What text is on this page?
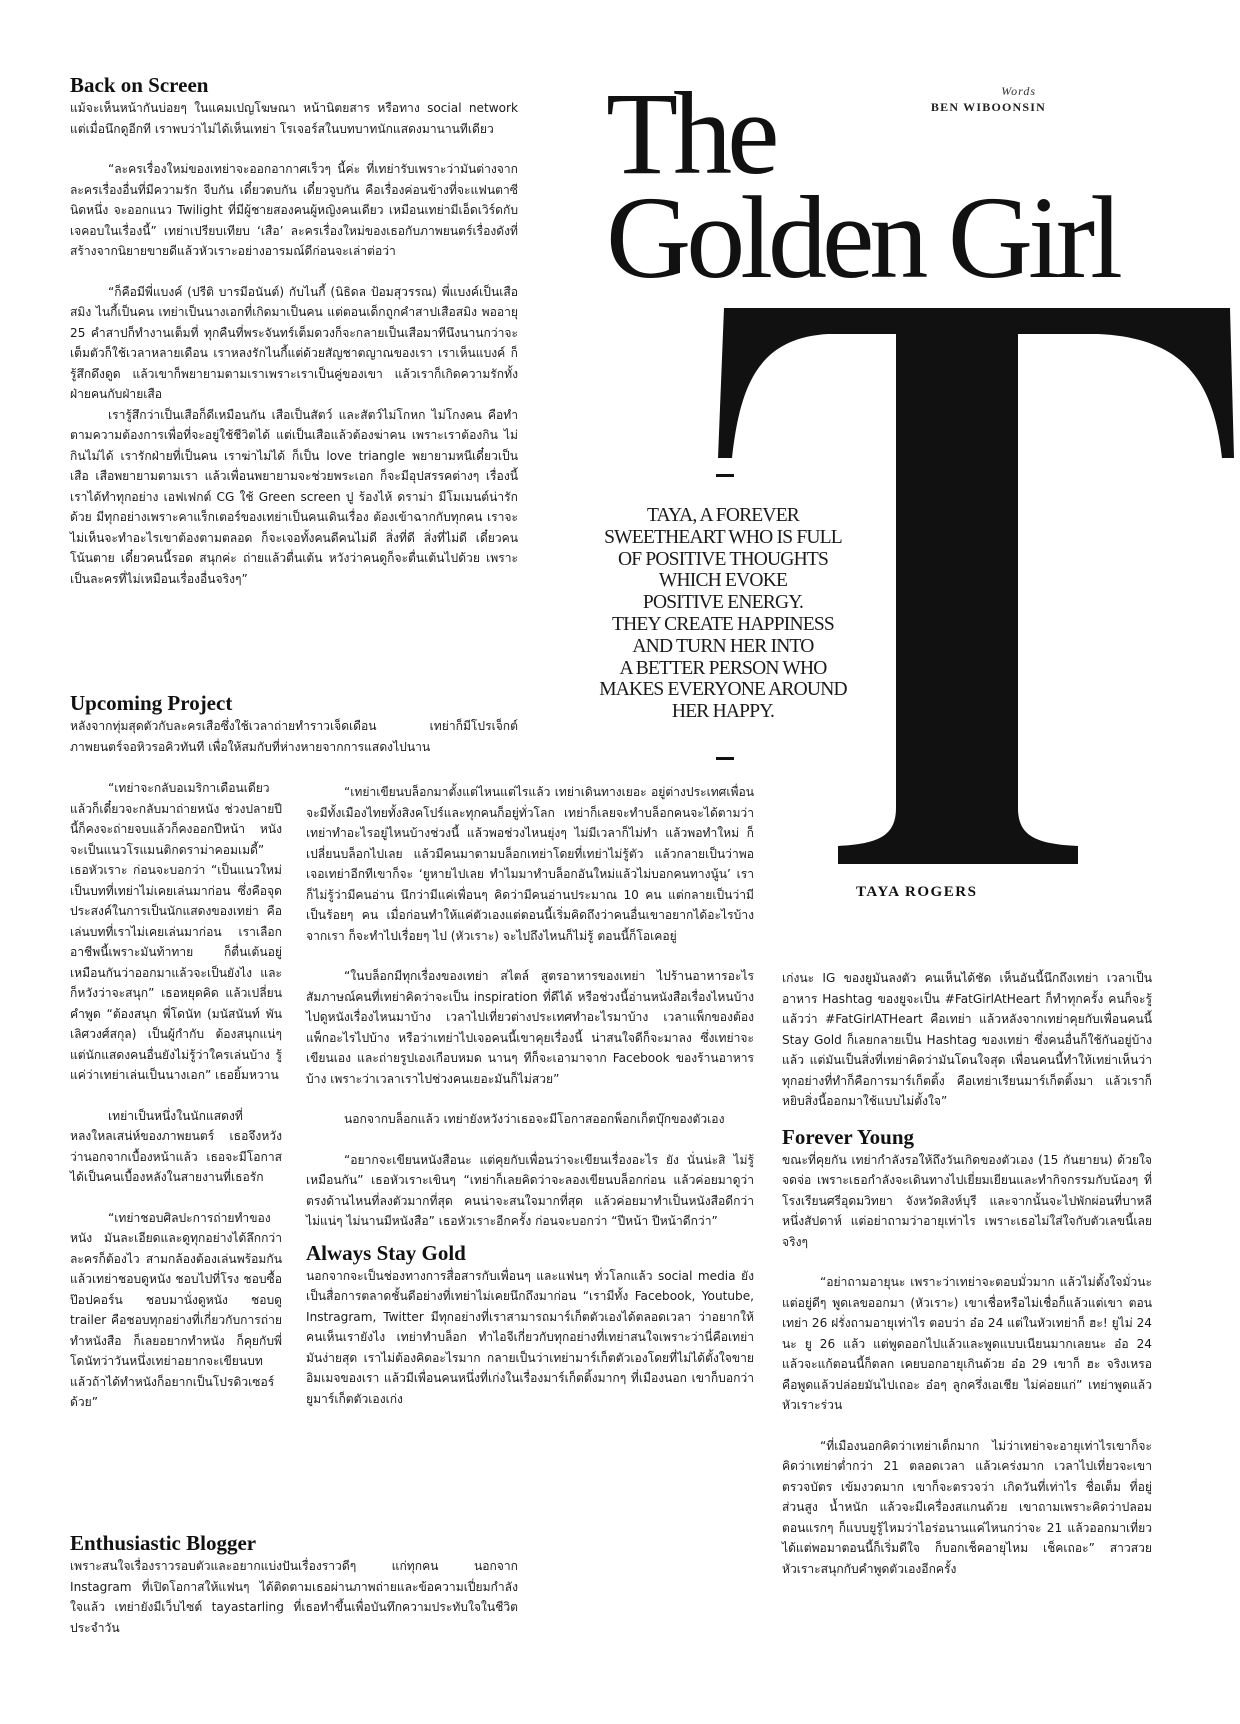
Words
BEN WIBOONSIN
The
Golden Girl
TAYA, A FOREVER
SWEETHEART WHO IS FULL
OF POSITIVE THOUGHTS
WHICH EVOKE
POSITIVE ENERGY.
THEY CREATE HAPPINESS
AND TURN HER INTO
A BETTER PERSON WHO
MAKES EVERYONE AROUND
HER HAPPY.
TAYA ROGERS
Back on Screen

แม้จะเห็นหน้ากันบ่อยๆ ในแคมเปญโฆษณา หน้านิตยสาร หรือทาง social network แต่เมื่อนึกดูอีกที เราพบว่าไม่ได้เห็นเทย่า โรเจอร์สในบทบาทนักแสดงมานานทีเดียว

“ละครเรื่องใหม่ของเทย่าจะออกอากาศเร็วๆ นี้ค่ะ ที่เทย่ารับเพราะว่ามันต่างจากละครเรื่องอื่นที่มีความรัก จีบกัน เดี๋ยวตบกัน เดี๋ยวจูบกัน คือเรื่องค่อนข้างที่จะแฟนตาซีนิดหนึ่ง จะออกแนว Twilight ที่มีผู้ชายสองคนผู้หญิงคนเดียว เหมือนเทย่ามีเอ็ดเวิร์ดกับเจคอบในเรื่องนี้” เทย่าเปรียบเทียบ ‘เสือ’ ละครเรื่องใหม่ของเธอกับภาพยนตร์เรื่องดังที่สร้างจากนิยายขายดีแล้วหัวเราะอย่างอารมณ์ดีก่อนจะเล่าต่อว่า

“ก็คือมีพี่แบงค์ (ปรีติ บารมีอนันต์) กับไนกี้ (นิธิดล ป้อมสุวรรณ) พี่แบงค์เป็นเสือสมิง ไนกี้เป็นคน เทย่าเป็นนางเอกที่เกิดมาเป็นคน แต่ตอนเด็กถูกคำสาปเสือสมิง พออายุ 25 คำสาปก็ทำงานเต็มที่ ทุกคืนที่พระจันทร์เต็มดวงก็จะกลายเป็นเสือมาทีนึงนานกว่าจะเต็มตัวก็ใช้เวลาหลายเดือน เราหลงรักไนกี้แต่ด้วยสัญชาตญาณของเรา เราเห็นแบงค์ ก็รู้สึกดึงดูด แล้วเขาก็พยายามตามเราเพราะเราเป็นคู่ของเขา แล้วเราก็เกิดความรักทั้งฝ่ายคนกับฝ่ายเสือ

เรารู้สึกว่าเป็นเสือก็ดีเหมือนกัน เสือเป็นสัตว์ และสัตว์ไม่โกหก ไม่โกงคน คือทำตามความต้องการเพื่อที่จะอยู่ใช้ชีวิตได้ แต่เป็นเสือแล้วต้องฆ่าคน เพราะเราต้องกิน ไม่กินไม่ได้ เรารักฝ่ายที่เป็นคน เราฆ่าไม่ได้ ก็เป็น love triangle พยายามหนีเดี๋ยวเป็นเสือ เสือพยายามตามเรา แล้วเพื่อนพยายามจะช่วยพระเอก ก็จะมีอุปสรรคต่างๆ เรื่องนี้เราได้ทำทุกอย่าง เอฟเฟกต์ CG ใช้ Green screen ปู ร้องไห้ ดราม่า มีโมเมนต์น่ารักด้วย มีทุกอย่างเพราะคาแร็กเตอร์ของเทย่าเป็นคนเดินเรื่อง ต้องเข้าฉากกับทุกคน เราจะไม่เห็นจะทำอะไรเขาต้องตามตลอด ก็จะเจอทั้งคนดีคนไม่ดี สิ่งที่ดี สิ่งที่ไม่ดี เดี๋ยวคนโน้นตาย เดี๋ยวคนนี้รอด สนุกค่ะ ถ่ายแล้วตื่นเต้น หวังว่าคนดูก็จะตื่นเต้นไปด้วย เพราะเป็นละครที่ไม่เหมือนเรื่องอื่นจริงๆ”

Upcoming Project

หลังจากทุ่มสุดตัวกับละครเสือซึ่งใช้เวลาถ่ายทำราวเจ็ดเดือน เทย่าก็มีโปรเจ็กต์ภาพยนตร์จอหิวรอคิวทันที เพื่อให้สมกับที่ห่างหายจากการแสดงไปนาน

“เทย่าจะกลับอเมริกาเดือนเดียว แล้วก็เดี๋ยวจะกลับมาถ่ายหนัง ช่วงปลายปีนี้ก็คงจะถ่ายจบแล้วก็คงออกปีหน้า หนังจะเป็นแนวโรแมนติกดราม่าคอมเมดี้” เธอหัวเราะ ก่อนจะบอกว่า “เป็นแนวใหม่ เป็นบทที่เทย่าไม่เคยเล่นมาก่อน ซึ่งคือจุดประสงค์ในการเป็นนักแสดงของเทย่า คือเล่นบทที่เราไม่เคยเล่นมาก่อน เราเลือกอาชีพนี้เพราะมันท้าทาย ก็ตื่นเต้นอยู่เหมือนกันว่าออกมาแล้วจะเป็นยังไง และก็หวังว่าจะสนุก” เธอหยุดคิด แล้วเปลี่ยนคำพูด “ต้องสนุก พี่โดนัท (มนัสนันท์ พันเลิศวงศ์สกุล) เป็นผู้กำกับ ต้องสนุกแน่ๆ แต่นักแสดงคนอื่นยังไม่รู้ว่าใครเล่นบ้าง รู้แค่ว่าเทย่าเล่นเป็นนางเอก” เธอยิ้มหวาน

เทย่าเป็นหนึ่งในนักแสดงที่หลงใหลเสน่ห์ของภาพยนตร์ เธอจึงหวังว่านอกจากเบื้องหน้าแล้ว เธอจะมีโอกาสได้เป็นคนเบื้องหลังในสายงานที่เธอรัก

“เทย่าชอบศิลปะการถ่ายทำของหนัง มันละเอียดและดูทุกอย่างได้ลึกกว่า ละครก็ต้องไว สามกล้องต้องเล่นพร้อมกัน แล้วเทย่าชอบดูหนัง ชอบไปที่โรง ชอบซื้อป๊อปคอร์น ชอบมานั่งดูหนัง ชอบดู trailer คือชอบทุกอย่างที่เกี่ยวกับการถ่ายทำหนังสือ ก็เลยอยากทำหนัง ก็คุยกับพี่โดนัทว่าวันหนึ่งเทย่าอยากจะเขียนบท แล้วถ้าได้ทำหนังก็อยากเป็นโปรดิวเซอร์ด้วย”

“เทย่าเขียนบล็อกมาตั้งแต่ไหนแต่ไรแล้ว เทย่าเดินทางเยอะ อยู่ต่างประเทศเพื่อนจะมีทั้งเมืองไทยทั้งสิงคโปร์และทุกคนก็อยู่ทั่วโลก เทย่าก็เลยจะทำบล็อกคนจะได้ตามว่าเทย่าทำอะไรอยู่ไหนบ้างช่วงนี้ แล้วพอช่วงไหนยุ่งๆ ไม่มีเวลาก็ไม่ทำ แล้วพอทำใหม่ ก็เปลี่ยนบล็อกไปเลย แล้วมีคนมาตามบล็อกเทย่าโดยที่เทย่าไม่รู้ตัว แล้วกลายเป็นว่าพอเจอเทย่าอีกทีเขาก็จะ ‘ยูหายไปเลย ทำไมมาทำบล็อกอันใหม่แล้วไม่บอกคนทางนู้น’ เราก็ไม่รู้ว่ามีคนอ่าน นึกว่ามีแค่เพื่อนๆ คิดว่ามีคนอ่านประมาณ 10 คน แต่กลายเป็นว่ามีเป็นร้อยๆ คน เมื่อก่อนทำให้แค่ตัวเองแต่ตอนนี้เริ่มคิดถึงว่าคนอื่นเขาอยากได้อะไรบ้างจากเรา ก็จะทำไปเรื่อยๆ ไป (หัวเราะ) จะไปถึงไหนก็ไม่รู้ ตอนนี้ก็โอเคอยู่

“ในบล็อกมีทุกเรื่องของเทย่า สไตล์ สูตรอาหารของเทย่า ไปร้านอาหารอะไรสัมภาษณ์คนที่เทย่าคิดว่าจะเป็น inspiration ที่ดีได้ หรือช่วงนี้อ่านหนังสือเรื่องไหนบ้างไปดูหนังเรื่องไหนมาบ้าง เวลาไปเที่ยวต่างประเทศทำอะไรมาบ้าง เวลาแพ็กของต้องแพ็กอะไรไปบ้าง หรือว่าเทย่าไปเจอคนนี้เขาคุยเรื่องนี้ น่าสนใจดีก็จะมาลง ซึ่งเทย่าจะเขียนเอง และถ่ายรูปเองเกือบหมด นานๆ ทีก็จะเอามาจาก Facebook ของร้านอาหารบ้าง เพราะว่าเวลาเราไปช่วงคนเยอะมันก็ไม่สวย”

นอกจากบล็อกแล้ว เทย่ายังหวังว่าเธอจะมีโอกาสออกพ็อกเก็ตบุ๊กของตัวเอง

“อยากจะเขียนหนังสือนะ แต่คุยกับเพื่อนว่าจะเขียนเรื่องอะไร ยัง นั่นน่ะสิ ไม่รู้เหมือนกัน” เธอหัวเราะเขินๆ “เทย่าก็เลยคิดว่าจะลองเขียนบล็อกก่อน แล้วค่อยมาดูว่าตรงด้านไหนที่ลงตัวมากที่สุด คนน่าจะสนใจมากที่สุด แล้วค่อยมาทำเป็นหนังสือดีกว่า ไม่แน่ๆ ไม่นานมีหนังสือ” เธอหัวเราะอีกครั้ง ก่อนจะบอกว่า “ปีหน้า ปีหน้าดีกว่า”

Always Stay Gold

นอกจากจะเป็นช่องทางการสื่อสารกับเพื่อนๆ และแฟนๆ ทั่วโลกแล้ว social media ยังเป็นสื่อการตลาดชั้นดีอย่างที่เทย่าไม่เคยนึกถึงมาก่อน “เรามีทั้ง Facebook, Youtube, Instragram, Twitter มีทุกอย่างที่เราสามารถมาร์เก็ตตัวเองได้ตลอดเวลา ว่าอยากให้คนเห็นเรายังไง เทย่าทำบล็อก ทำไอจีเกี่ยวกับทุกอย่างที่เทย่าสนใจเพราะว่านี่คือเทย่า มันง่ายสุด เราไม่ต้องคิดอะไรมาก กลายเป็นว่าเทย่ามาร์เก็ตตัวเองโดยที่ไม่ได้ตั้งใจขายอิมเมจของเรา แล้วมีเพื่อนคนหนึ่งที่เก่งในเรื่องมาร์เก็ตติ้งมากๆ ที่เมืองนอก เขาก็บอกว่ายูมาร์เก็ตตัวเองเก่ง

เก่งนะ IG ของยูมันลงตัว คนเห็นได้ชัด เห็นอันนี้นึกถึงเทย่า เวลาเป็นอาหาร Hashtag ของยูจะเป็น #FatGirlAtHeart ก็ทำทุกครั้ง คนก็จะรู้แล้วว่า #FatGirlATHeart คือเทย่า แล้วหลังจากเทย่าคุยกับเพื่อนคนนี้ Stay Gold ก็เลยกลายเป็น Hashtag ของเทย่า ซึ่งคนอื่นก็ใช้กันอยู่บ้างแล้ว แต่มันเป็นสิ่งที่เทย่าคิดว่ามันโดนใจสุด เพื่อนคนนี้ทำให้เทย่าเห็นว่าทุกอย่างที่ทำก็คือการมาร์เก็ตติ้ง คือเทย่าเรียนมาร์เก็ตติ้งมา แล้วเราก็หยิบสิ่งนี้ออกมาใช้แบบไม่ตั้งใจ”

Forever Young

ขณะที่คุยกัน เทย่ากำลังรอให้ถึงวันเกิดของตัวเอง (15 กันยายน) ด้วยใจจดจ่อ เพราะเธอกำลังจะเดินทางไปเยี่ยมเยียนและทำกิจกรรมกับน้องๆ ที่โรงเรียนศรีอุดมวิทยา จังหวัดสิงห์บุรี และจากนั้นจะไปพักผ่อนที่บาหลีหนึ่งสัปดาห์ แต่อย่าถามว่าอายุเท่าไร เพราะเธอไม่ใส่ใจกับตัวเลขนี้เลยจริงๆ

“อย่าถามอายุนะ เพราะว่าเทย่าจะตอบมั่วมาก แล้วไม่ตั้งใจมั่วนะ แต่อยู่ดีๆ พูดเลขออกมา (หัวเราะ) เขาเชื่อหรือไม่เชื่อก็แล้วแต่เขา ตอนเทย่า 26 ฝรั่งถามอายุเท่าไร ตอบว่า อ๋อ 24 แต่ในหัวเทย่าก็ ฮะ! ยูไม่ 24 นะ ยู 26 แล้ว แต่พูดออกไปแล้วและพูดแบบเนียนมากเลยนะ อ๋อ 24 แล้วจะแก้ตอนนี้ก็ตลก เคยบอกอายุเกินด้วย อ๋อ 29 เขาก็ ฮะ จริงเหรอ คือพูดแล้วปล่อยมันไปเถอะ อ๋อๆ ลูกครึ่งเอเชีย ไม่ค่อยแก่” เทย่าพูดแล้วหัวเราะร่วน

“ที่เมืองนอกคิดว่าเทย่าเด็กมาก ไม่ว่าเทย่าจะอายุเท่าไรเขาก็จะคิดว่าเทย่าต่ำกว่า 21 ตลอดเวลา แล้วเคร่งมาก เวลาไปเที่ยวจะเขาตรวจบัตร เข้มงวดมาก เขาก็จะตรวจว่า เกิดวันที่เท่าไร ชื่อเต็ม ที่อยู่ ส่วนสูง น้ำหนัก แล้วจะมีเครื่องสแกนด้วย เขาถามเพราะคิดว่าปลอมตอนแรกๆ ก็แบบยูรู้ไหมว่าไอร่อนานแค่ไหนกว่าจะ 21 แล้วออกมาเที่ยวได้แต่พอมาตอนนี้ก็เริ่มดีใจ ก็บอกเช็คอายุไหม เช็คเถอะ” สาวสวยหัวเราะสนุกกับคำพูดตัวเองอีกครั้ง

Enthusiastic Blogger

เพราะสนใจเรื่องราวรอบตัวและอยากแบ่งปันเรื่องราวดีๆ แก่ทุกคน นอกจาก Instagram ที่เปิดโอกาสให้แฟนๆ ได้ติดตามเธอผ่านภาพถ่ายและข้อความเปี่ยมกำลังใจแล้ว เทย่ายังมีเว็บไซต์ tayastarling ที่เธอทำขึ้นเพื่อบันทึกความประทับใจในชีวิตประจำวัน
